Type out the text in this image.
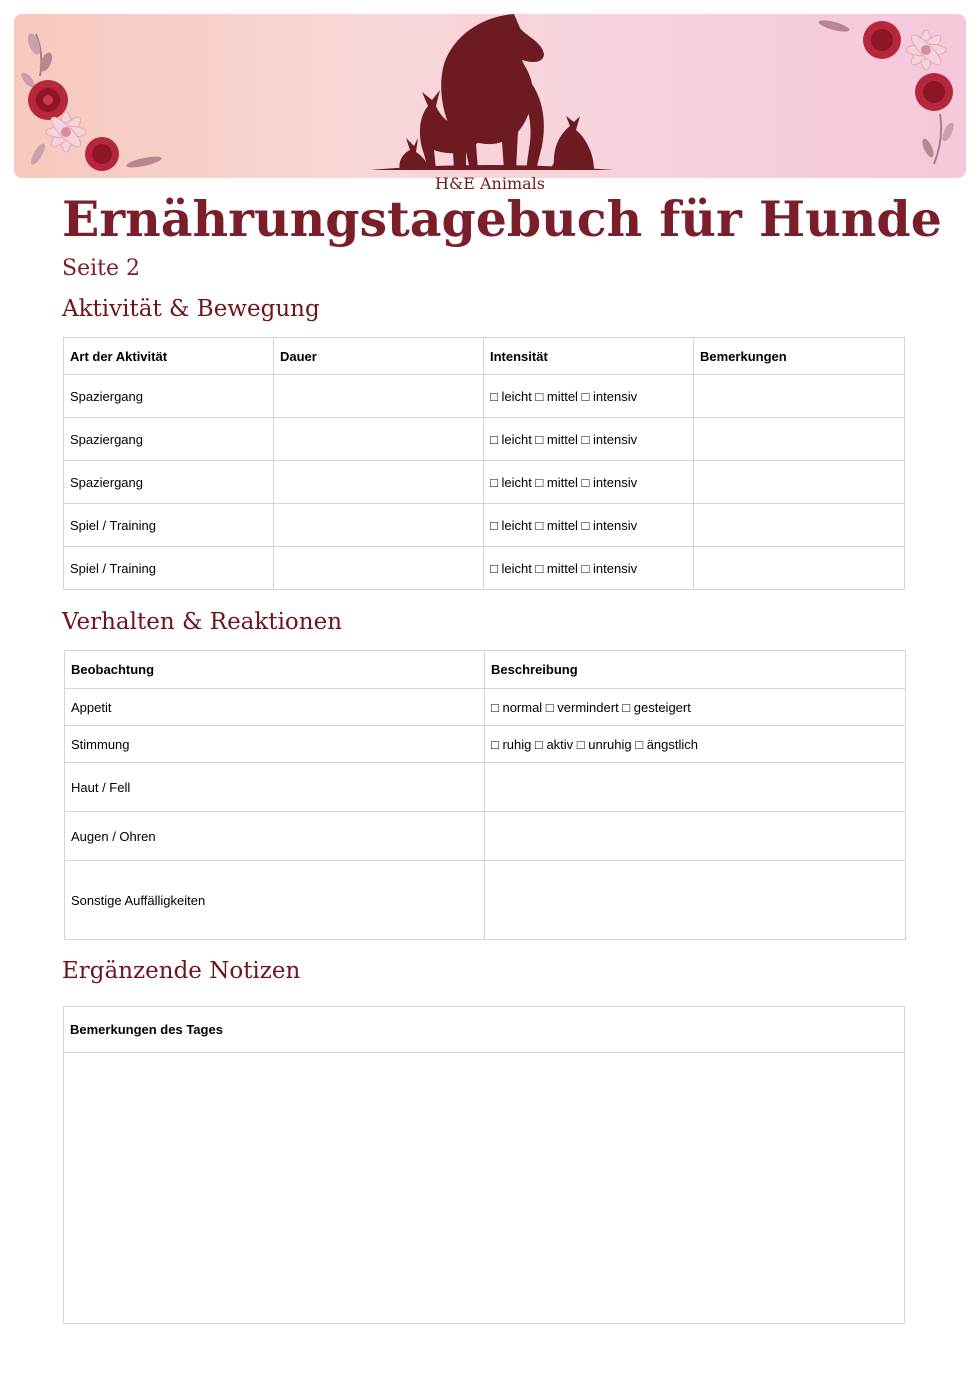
H&E Animals
Ernährungstagebuch für Hunde
Seite 2
Aktivität & Bewegung
Art der Aktivität	Dauer	Intensität	Bemerkungen
Spaziergang		□ leicht □ mittel □ intensiv	
Spaziergang		□ leicht □ mittel □ intensiv	
Spaziergang		□ leicht □ mittel □ intensiv	
Spiel / Training		□ leicht □ mittel □ intensiv	
Spiel / Training		□ leicht □ mittel □ intensiv	
Verhalten & Reaktionen
Beobachtung	Beschreibung
Appetit	□ normal □ vermindert □ gesteigert
Stimmung	□ ruhig □ aktiv □ unruhig □ ängstlich
Haut / Fell	
Augen / Ohren	
Sonstige Auffälligkeiten	
Ergänzende Notizen
Bemerkungen des Tages
